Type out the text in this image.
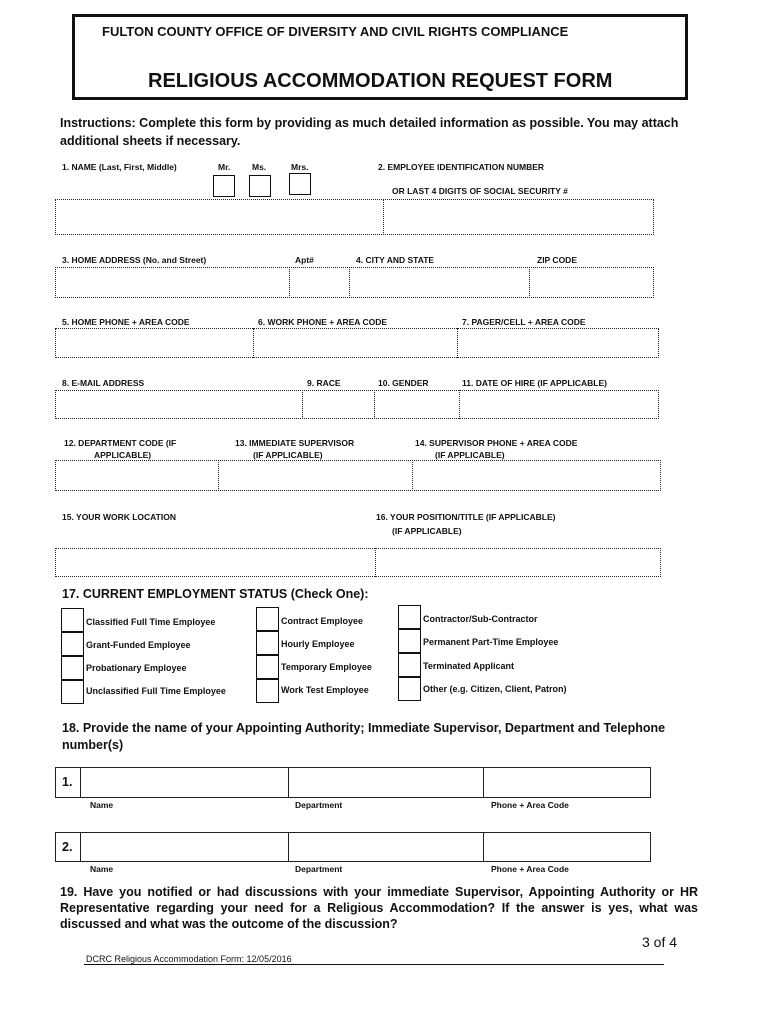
FULTON COUNTY OFFICE OF DIVERSITY AND CIVIL RIGHTS COMPLIANCE
RELIGIOUS ACCOMMODATION REQUEST FORM
Instructions: Complete this form by providing as much detailed information as possible. You may attach additional sheets if necessary.
1. NAME (Last, First, Middle)	Mr.	Ms.	Mrs.	2. EMPLOYEE IDENTIFICATION NUMBER
OR LAST 4 DIGITS OF SOCIAL SECURITY #
3. HOME ADDRESS (No. and Street)	Apt#	4. CITY AND STATE	ZIP CODE
5. HOME PHONE + AREA CODE	6. WORK PHONE + AREA CODE	7. PAGER/CELL + AREA CODE
8. E-MAIL ADDRESS	9. RACE	10. GENDER	11. DATE OF HIRE (IF APPLICABLE)
12. DEPARTMENT CODE (IF
APPLICABLE)
13. IMMEDIATE SUPERVISOR
(IF APPLICABLE)
14. SUPERVISOR PHONE + AREA CODE
(IF APPLICABLE)
15. YOUR WORK LOCATION	16. YOUR POSITION/TITLE (IF APPLICABLE)
(IF APPLICABLE)
17. CURRENT EMPLOYMENT STATUS (Check One):
Classified Full Time Employee
Grant-Funded Employee
Probationary Employee
Unclassified Full Time Employee
Contract Employee
Hourly Employee
Temporary Employee
Work Test Employee
Contractor/Sub-Contractor
Permanent Part-Time Employee
Terminated Applicant
Other (e.g. Citizen, Client, Patron)
18. Provide the name of your Appointing Authority; Immediate Supervisor, Department and Telephone number(s)
1.
Name	Department	Phone + Area Code
2.
Name	Department	Phone + Area Code
19. Have you notified or had discussions with your immediate Supervisor, Appointing Authority or HR Representative regarding your need for a Religious Accommodation? If the answer is yes, what was discussed and what was the outcome of the discussion?
3 of 4
DCRC Religious Accommodation Form: 12/05/2016
